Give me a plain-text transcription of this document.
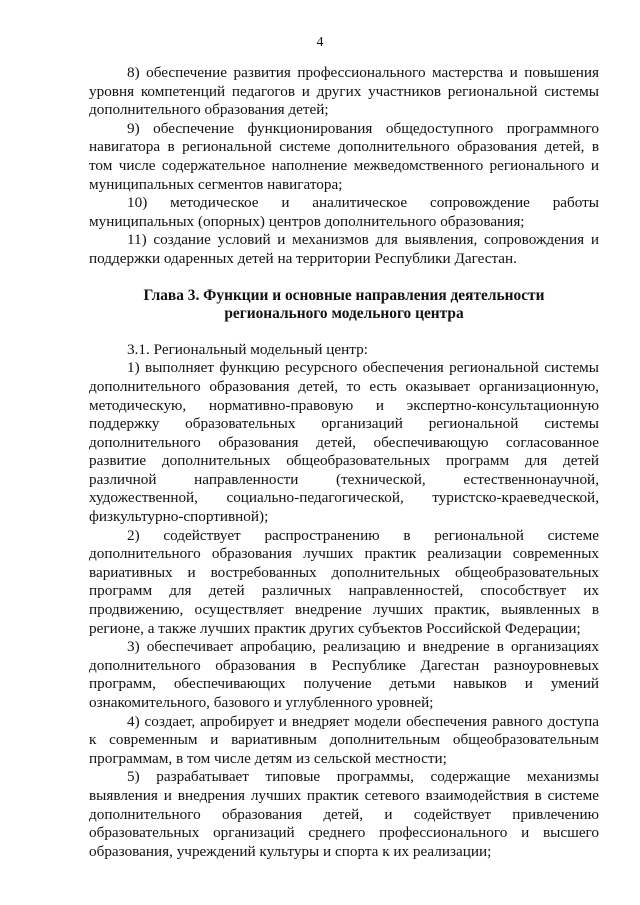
4

8) обеспечение развития профессионального мастерства и повышения уровня компетенций педагогов и других участников региональной системы дополнительного образования детей;

9) обеспечение функционирования общедоступного программного навигатора в региональной системе дополнительного образования детей, в том числе содержательное наполнение межведомственного регионального и муниципальных сегментов навигатора;

10) методическое и аналитическое сопровождение работы муниципальных (опорных) центров дополнительного образования;

11) создание условий и механизмов для выявления, сопровождения и поддержки одаренных детей на территории Республики Дагестан.

Глава 3. Функции и основные направления деятельности

регионального модельного центра

3.1. Региональный модельный центр:

1) выполняет функцию ресурсного обеспечения региональной системы дополнительного образования детей, то есть оказывает организационную, методическую, нормативно-правовую и экспертно-консультационную поддержку образовательных организаций региональной системы дополнительного образования детей, обеспечивающую согласованное развитие дополнительных общеобразовательных программ для детей различной направленности (технической, естественнонаучной, художественной, социально-педагогической, туристско-краеведческой, физкультурно-спортивной);

2) содействует распространению в региональной системе дополнительного образования лучших практик реализации современных вариативных и востребованных дополнительных общеобразовательных программ для детей различных направленностей, способствует их продвижению, осуществляет внедрение лучших практик, выявленных в регионе, а также лучших практик других субъектов Российской Федерации;

3) обеспечивает апробацию, реализацию и внедрение в организациях дополнительного образования в Республике Дагестан разноуровневых программ, обеспечивающих получение детьми навыков и умений ознакомительного, базового и углубленного уровней;

4) создает, апробирует и внедряет модели обеспечения равного доступа к современным и вариативным дополнительным общеобразовательным программам, в том числе детям из сельской местности;

5) разрабатывает типовые программы, содержащие механизмы выявления и внедрения лучших практик сетевого взаимодействия в системе дополнительного образования детей, и содействует привлечению образовательных организаций среднего профессионального и высшего образования, учреждений культуры и спорта к их реализации;
